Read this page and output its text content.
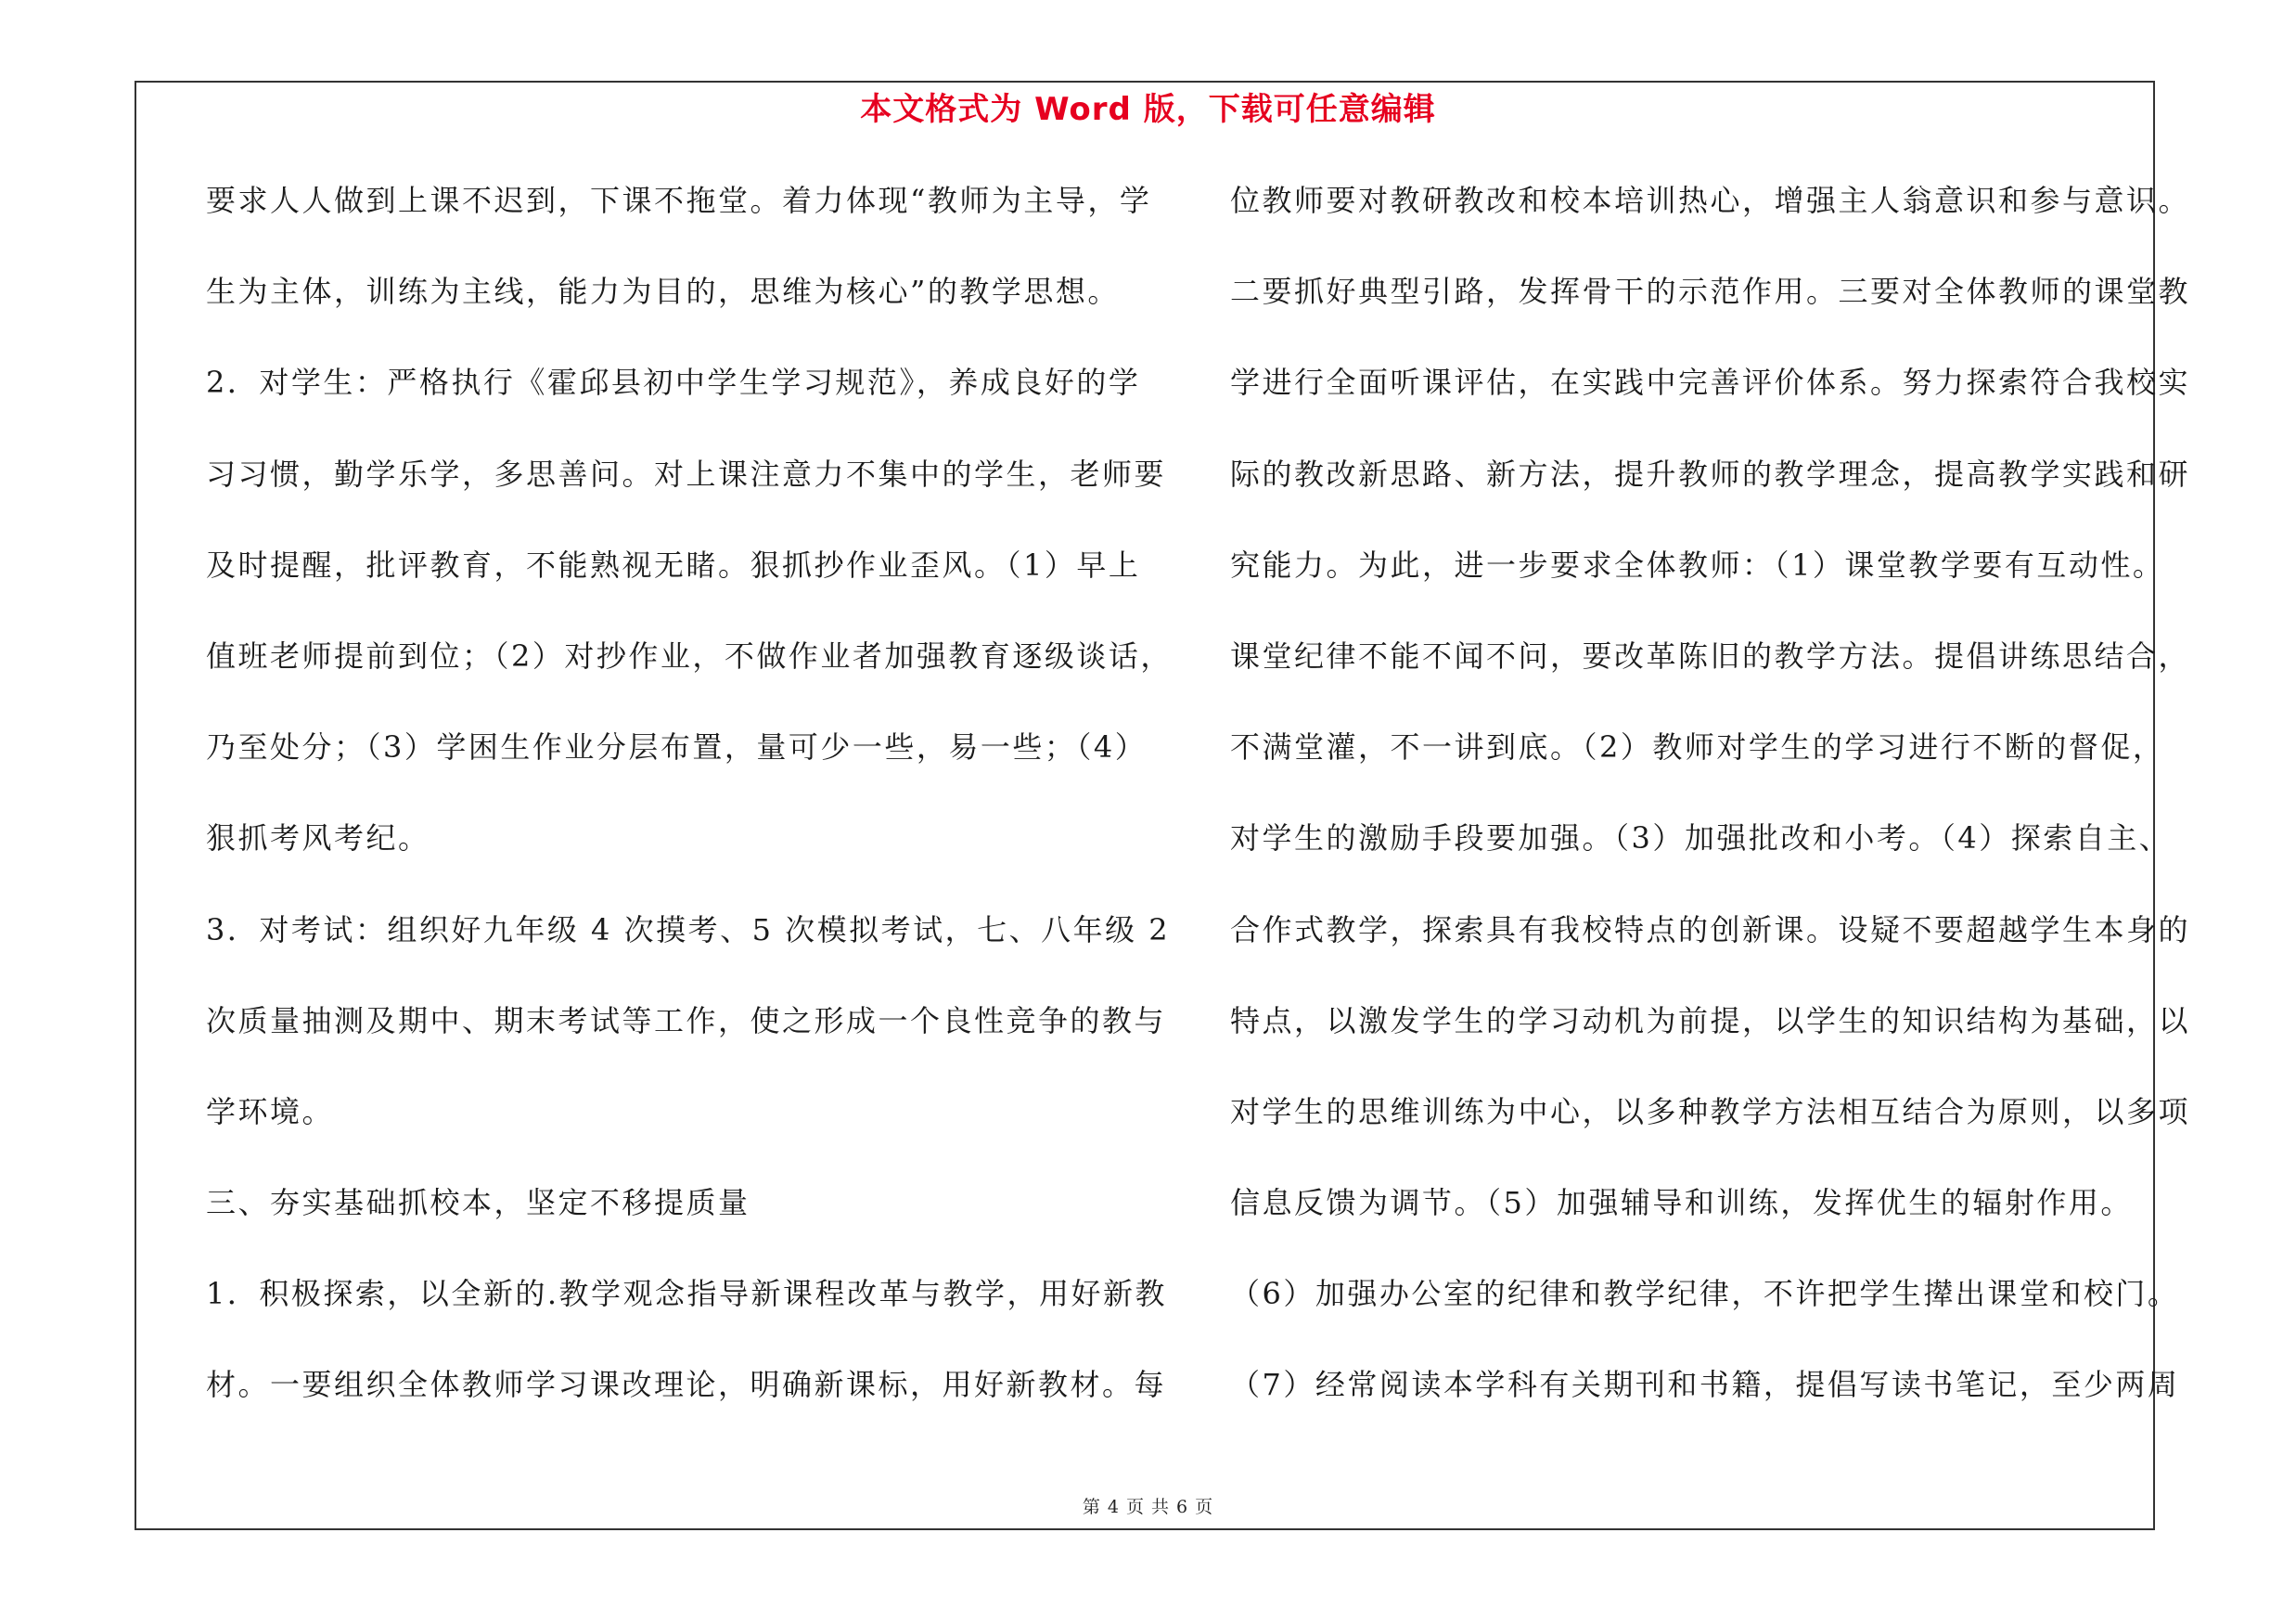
本文格式为 Word 版，下载可任意编辑
要求人人做到上课不迟到，下课不拖堂。着力体现“教师为主导，学
生为主体，训练为主线，能力为目的，思维为核心”的教学思想。
2．对学生：严格执行《霍邱县初中学生学习规范》，养成良好的学
习习惯，勤学乐学，多思善问。对上课注意力不集中的学生，老师要
及时提醒，批评教育，不能熟视无睹。狠抓抄作业歪风。（1）早上
值班老师提前到位；（2）对抄作业，不做作业者加强教育逐级谈话，
乃至处分；（3）学困生作业分层布置，量可少一些，易一些；（4）
狠抓考风考纪。
3．对考试：组织好九年级 4 次摸考、5 次模拟考试，七、八年级 2
次质量抽测及期中、期末考试等工作，使之形成一个良性竞争的教与
学环境。
三、夯实基础抓校本，坚定不移提质量
1．积极探索，以全新的.教学观念指导新课程改革与教学，用好新教
材。一要组织全体教师学习课改理论，明确新课标，用好新教材。每
位教师要对教研教改和校本培训热心，增强主人翁意识和参与意识。
二要抓好典型引路，发挥骨干的示范作用。三要对全体教师的课堂教
学进行全面听课评估，在实践中完善评价体系。努力探索符合我校实
际的教改新思路、新方法，提升教师的教学理念，提高教学实践和研
究能力。为此，进一步要求全体教师：（1）课堂教学要有互动性。
课堂纪律不能不闻不问，要改革陈旧的教学方法。提倡讲练思结合，
不满堂灌，不一讲到底。（2）教师对学生的学习进行不断的督促，
对学生的激励手段要加强。（3）加强批改和小考。（4）探索自主、
合作式教学，探索具有我校特点的创新课。设疑不要超越学生本身的
特点，以激发学生的学习动机为前提，以学生的知识结构为基础，以
对学生的思维训练为中心，以多种教学方法相互结合为原则，以多项
信息反馈为调节。（5）加强辅导和训练，发挥优生的辐射作用。
（6）加强办公室的纪律和教学纪律，不许把学生撵出课堂和校门。
（7）经常阅读本学科有关期刊和书籍，提倡写读书笔记，至少两周
第 4 页 共 6 页
